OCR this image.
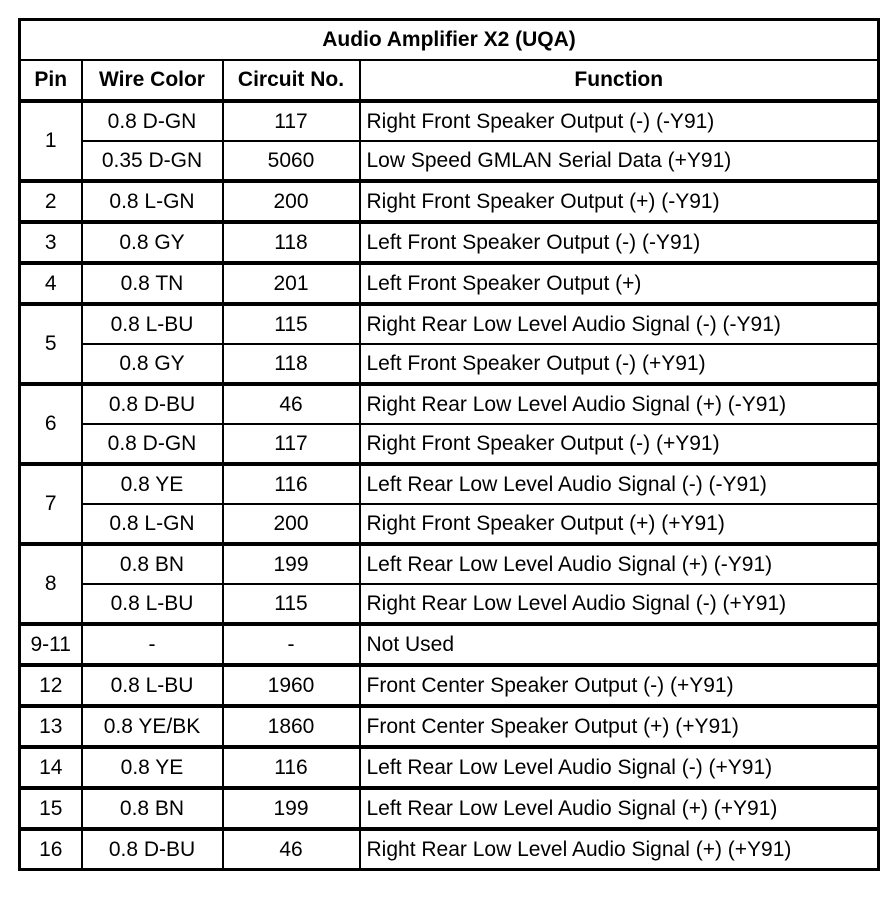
Audio Amplifier X2 (UQA)			
Pin	Wire Color	Circuit No.	Function
1	0.8 D-GN	117	Right Front Speaker Output (-) (-Y91)
	0.35 D-GN	5060	Low Speed GMLAN Serial Data (+Y91)
2	0.8 L-GN	200	Right Front Speaker Output (+) (-Y91)
3	0.8 GY	118	Left Front Speaker Output (-) (-Y91)
4	0.8 TN	201	Left Front Speaker Output (+)
5	0.8 L-BU	115	Right Rear Low Level Audio Signal (-) (-Y91)
	0.8 GY	118	Left Front Speaker Output (-) (+Y91)
6	0.8 D-BU	46	Right Rear Low Level Audio Signal (+) (-Y91)
	0.8 D-GN	117	Right Front Speaker Output (-) (+Y91)
7	0.8 YE	116	Left Rear Low Level Audio Signal (-) (-Y91)
	0.8 L-GN	200	Right Front Speaker Output (+) (+Y91)
8	0.8 BN	199	Left Rear Low Level Audio Signal (+) (-Y91)
	0.8 L-BU	115	Right Rear Low Level Audio Signal (-) (+Y91)
9-11	-	-	Not Used
12	0.8 L-BU	1960	Front Center Speaker Output (-) (+Y91)
13	0.8 YE/BK	1860	Front Center Speaker Output (+) (+Y91)
14	0.8 YE	116	Left Rear Low Level Audio Signal (-) (+Y91)
15	0.8 BN	199	Left Rear Low Level Audio Signal (+) (+Y91)
16	0.8 D-BU	46	Right Rear Low Level Audio Signal (+) (+Y91)
